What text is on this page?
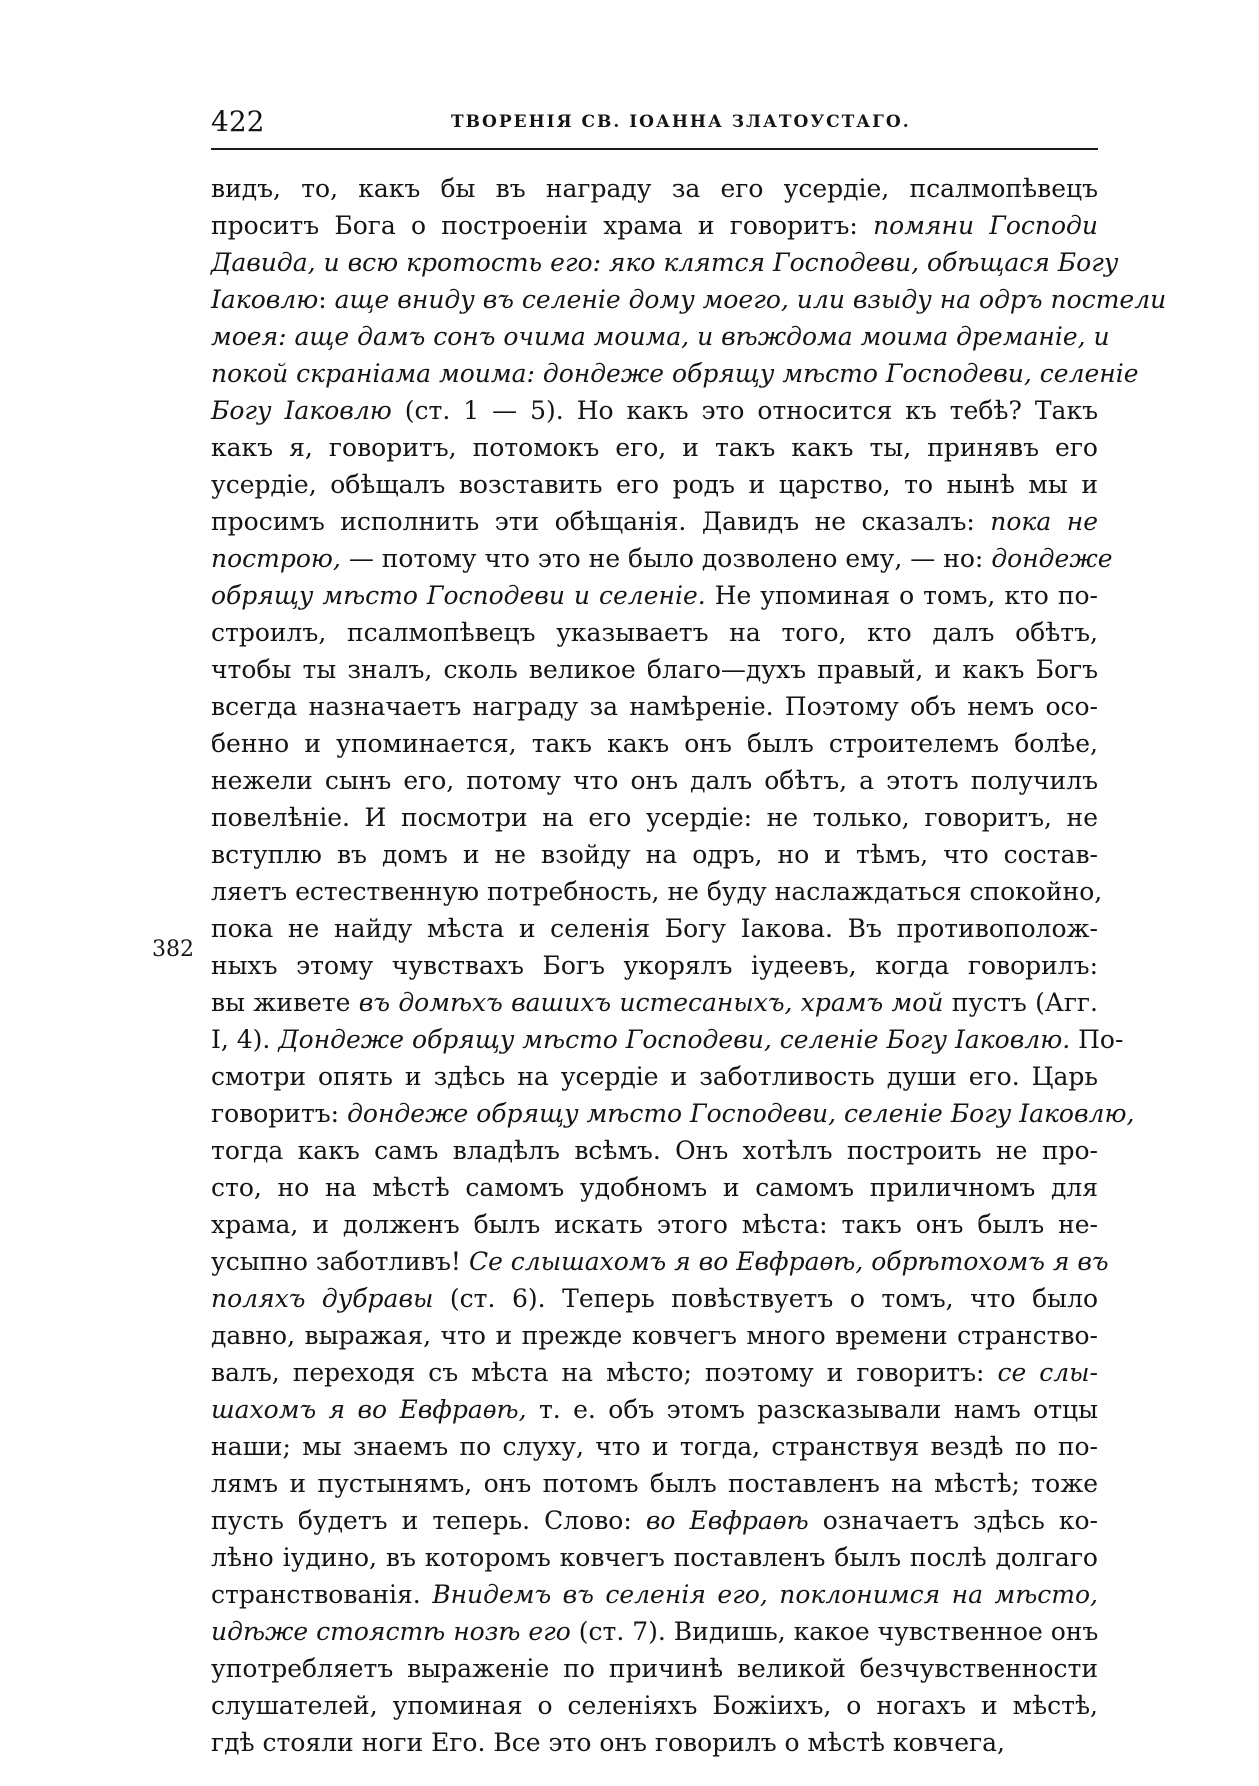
422	ТВОРЕНІЯ СВ. ІОАННА ЗЛАТОУСТАГО.
382
видъ, то, какъ бы въ награду за его усердіе, псалмопѣвецъ
проситъ Бога о построеніи храма и говоритъ: помяни Господи
Давида, и всю кротость его: яко клятся Господеви, обѣщася Богу
Іаковлю: аще вниду въ селеніе дому моего, или взыду на одръ постели
моея: аще дамъ сонъ очима моима, и вѣждома моима дреманіе, и
покой скраніама моима: дондеже обрящу мѣсто Господеви, селеніе
Богу Іаковлю (ст. 1 — 5). Но какъ это относится къ тебѣ? Такъ
какъ я, говоритъ, потомокъ его, и такъ какъ ты, принявъ его
усердіе, обѣщалъ возставить его родъ и царство, то нынѣ мы и
просимъ исполнить эти обѣщанія. Давидъ не сказалъ: пока не
построю, — потому что это не было дозволено ему, — но: дондеже
обрящу мѣсто Господеви и селеніе. Не упоминая о томъ, кто по-
строилъ, псалмопѣвецъ указываетъ на того, кто далъ обѣтъ,
чтобы ты зналъ, сколь великое благо—духъ правый, и какъ Богъ
всегда назначаетъ награду за намѣреніе. Поэтому объ немъ осо-
бенно и упоминается, такъ какъ онъ былъ строителемъ болѣе,
нежели сынъ его, потому что онъ далъ обѣтъ, а этотъ получилъ
повелѣніе. И посмотри на его усердіе: не только, говоритъ, не
вступлю въ домъ и не взойду на одръ, но и тѣмъ, что состав-
ляетъ естественную потребность, не буду наслаждаться спокойно,
пока не найду мѣста и селенія Богу Іакова. Въ противополож-
ныхъ этому чувствахъ Богъ укорялъ іудеевъ, когда говорилъ:
вы живете въ домѣхъ вашихъ истесаныхъ, храмъ мой пустъ (Агг.
I, 4). Дондеже обрящу мѣсто Господеви, селеніе Богу Іаковлю. По-
смотри опять и здѣсь на усердіе и заботливость души его. Царь
говоритъ: дондеже обрящу мѣсто Господеви, селеніе Богу Іаковлю,
тогда какъ самъ владѣлъ всѣмъ. Онъ хотѣлъ построить не про-
сто, но на мѣстѣ самомъ удобномъ и самомъ приличномъ для
храма, и долженъ былъ искать этого мѣста: такъ онъ былъ не-
усыпно заботливъ! Се слышахомъ я во Евфраѳѣ, обрѣтохомъ я въ
поляхъ дубравы (ст. 6). Теперь повѣствуетъ о томъ, что было
давно, выражая, что и прежде ковчегъ много времени странство-
валъ, переходя съ мѣста на мѣсто; поэтому и говоритъ: се слы-
шахомъ я во Евфраѳѣ, т. е. объ этомъ разсказывали намъ отцы
наши; мы знаемъ по слуху, что и тогда, странствуя вездѣ по по-
лямъ и пустынямъ, онъ потомъ былъ поставленъ на мѣстѣ; тоже
пусть будетъ и теперь. Слово: во Евфраѳѣ означаетъ здѣсь ко-
лѣно іудино, въ которомъ ковчегъ поставленъ былъ послѣ долгаго
странствованія. Внидемъ въ селенія его, поклонимся на мѣсто,
идѣже стоястѣ нозѣ его (ст. 7). Видишь, какое чувственное онъ
употребляетъ выраженіе по причинѣ великой безчувственности
слушателей, упоминая о селеніяхъ Божіихъ, о ногахъ и мѣстѣ,
гдѣ стояли ноги Его. Все это онъ говорилъ о мѣстѣ ковчега,
